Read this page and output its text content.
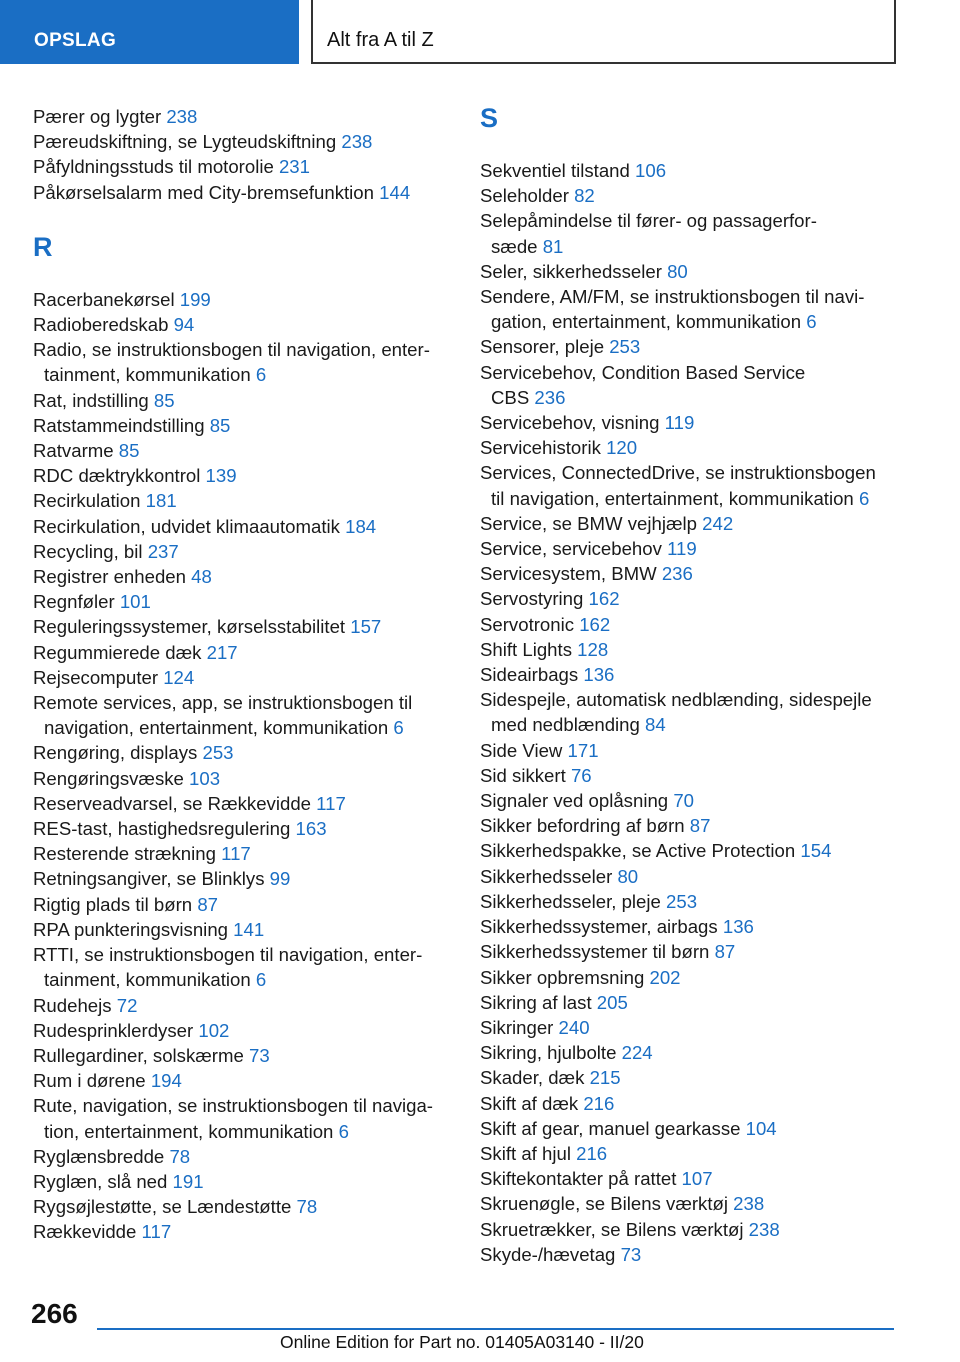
OPSLAG	Alt fra A til Z
Pærer og lygter 238
Pæreudskiftning, se Lygteudskiftning 238
Påfyldningsstuds til motorolie 231
Påkørselsalarm med City-bremsefunktion 144
R
Racerbanekørsel 199
Radioberedskab 94
Radio, se instruktionsbogen til navigation, enter-
tainment, kommunikation 6
Rat, indstilling 85
Ratstammeindstilling 85
Ratvarme 85
RDC dæktrykkontrol 139
Recirkulation 181
Recirkulation, udvidet klimaautomatik 184
Recycling, bil 237
Registrer enheden 48
Regnføler 101
Reguleringssystemer, kørselsstabilitet 157
Regummierede dæk 217
Rejsecomputer 124
Remote services, app, se instruktionsbogen til
navigation, entertainment, kommunikation 6
Rengøring, displays 253
Rengøringsvæske 103
Reserveadvarsel, se Rækkevidde 117
RES-tast, hastighedsregulering 163
Resterende strækning 117
Retningsangiver, se Blinklys 99
Rigtig plads til børn 87
RPA punkteringsvisning 141
RTTI, se instruktionsbogen til navigation, enter-
tainment, kommunikation 6
Rudehejs 72
Rudesprinklerdyser 102
Rullegardiner, solskærme 73
Rum i dørene 194
Rute, navigation, se instruktionsbogen til naviga-
tion, entertainment, kommunikation 6
Ryglænsbredde 78
Ryglæn, slå ned 191
Rygsøjlestøtte, se Lændestøtte 78
Rækkevidde 117
S
Sekventiel tilstand 106
Seleholder 82
Selepåmindelse til fører- og passagerfor-
sæde 81
Seler, sikkerhedsseler 80
Sendere, AM/FM, se instruktionsbogen til navi-
gation, entertainment, kommunikation 6
Sensorer, pleje 253
Servicebehov, Condition Based Service
CBS 236
Servicebehov, visning 119
Servicehistorik 120
Services, ConnectedDrive, se instruktionsbogen
til navigation, entertainment, kommunikation 6
Service, se BMW vejhjælp 242
Service, servicebehov 119
Servicesystem, BMW 236
Servostyring 162
Servotronic 162
Shift Lights 128
Sideairbags 136
Sidespejle, automatisk nedblænding, sidespejle
med nedblænding 84
Side View 171
Sid sikkert 76
Signaler ved oplåsning 70
Sikker befordring af børn 87
Sikkerhedspakke, se Active Protection 154
Sikkerhedsseler 80
Sikkerhedsseler, pleje 253
Sikkerhedssystemer, airbags 136
Sikkerhedssystemer til børn 87
Sikker opbremsning 202
Sikring af last 205
Sikringer 240
Sikring, hjulbolte 224
Skader, dæk 215
Skift af dæk 216
Skift af gear, manuel gearkasse 104
Skift af hjul 216
Skiftekontakter på rattet 107
Skruenøgle, se Bilens værktøj 238
Skruetrækker, se Bilens værktøj 238
Skyde-/hævetag 73
266
Online Edition for Part no. 01405A03140 - II/20
